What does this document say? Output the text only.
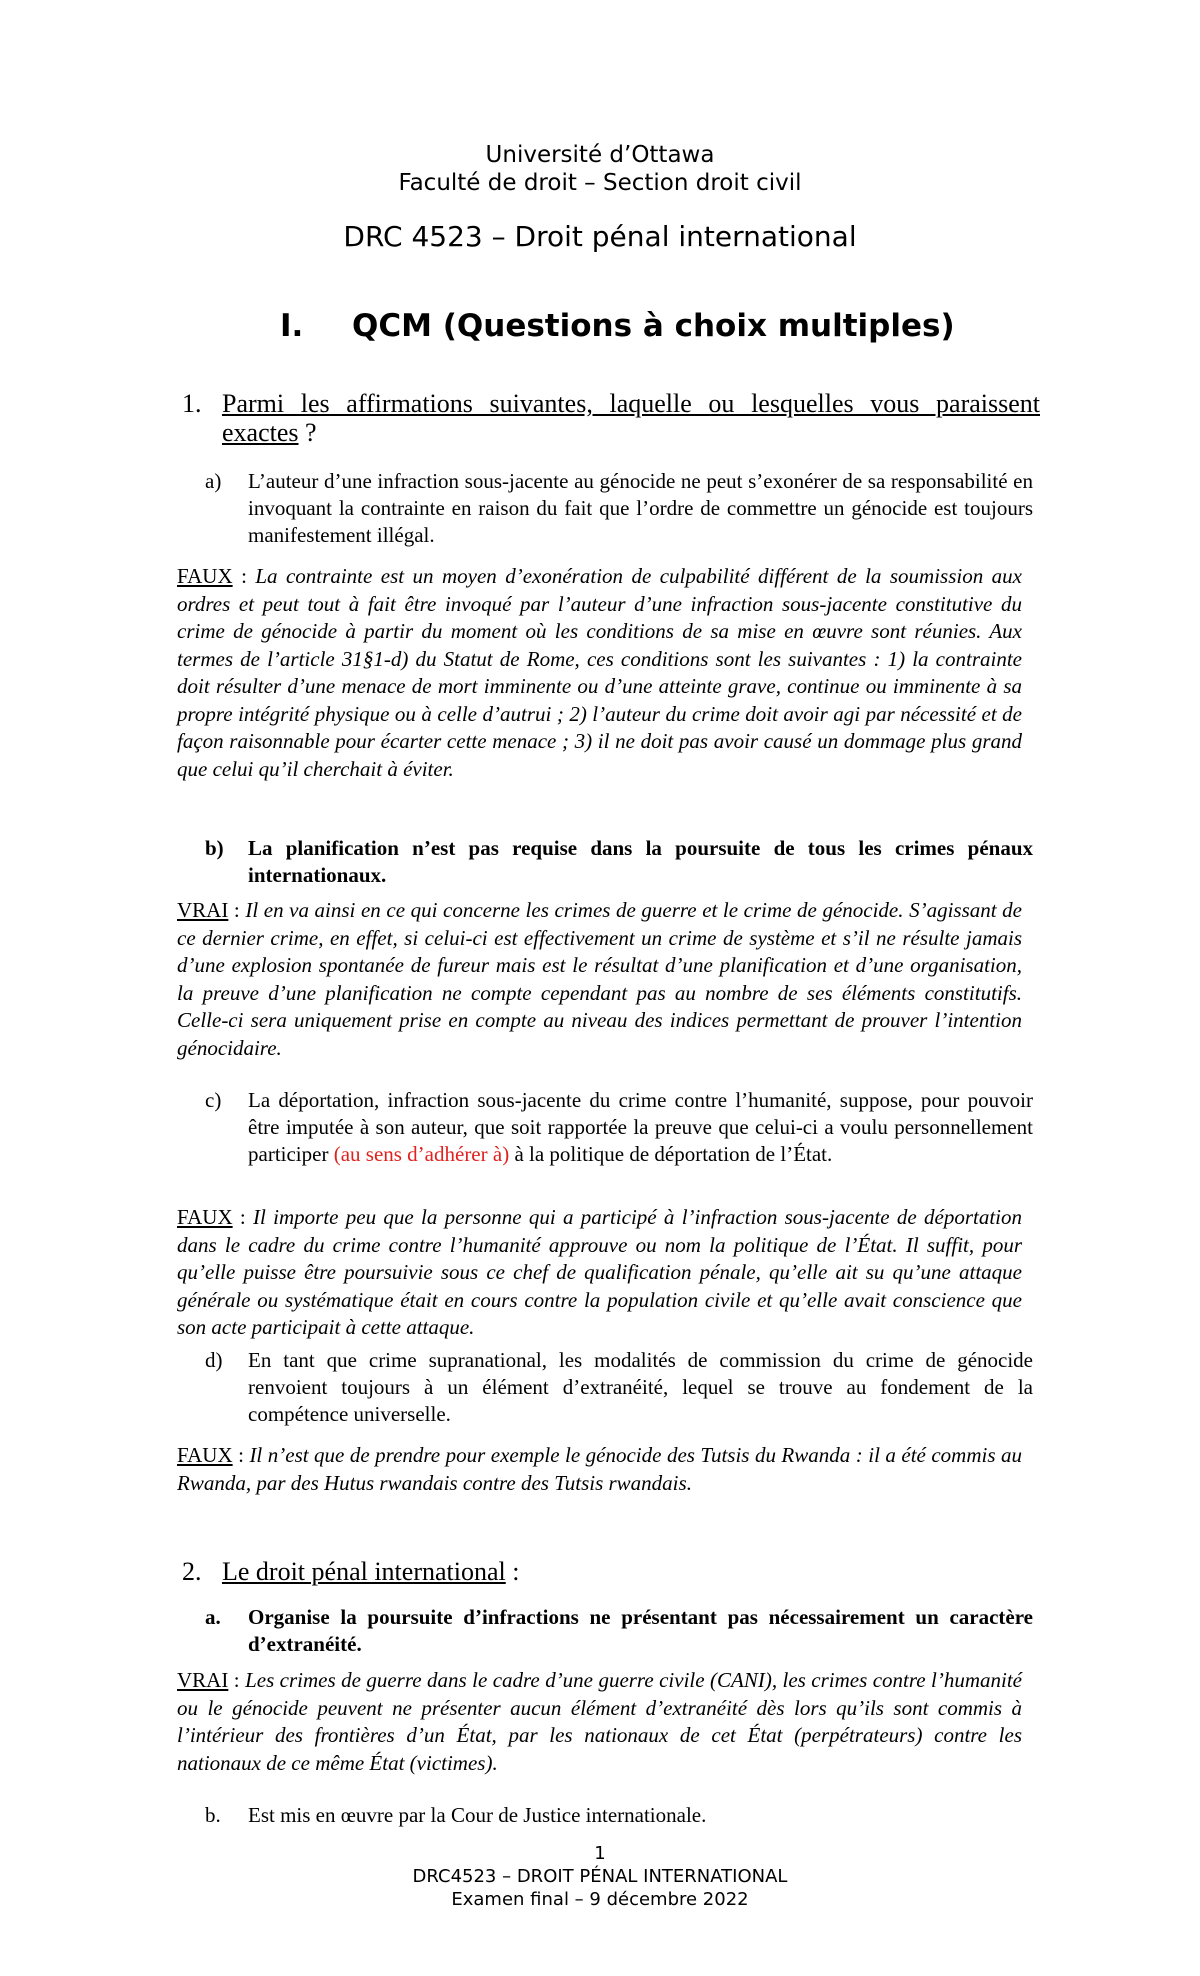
Université d’Ottawa
Faculté de droit – Section droit civil
DRC 4523 – Droit pénal international
I. QCM (Questions à choix multiples)
1. Parmi les affirmations suivantes, laquelle ou lesquelles vous paraissent exactes ?
a) L’auteur d’une infraction sous-jacente au génocide ne peut s’exonérer de sa responsabilité en invoquant la contrainte en raison du fait que l’ordre de commettre un génocide est toujours manifestement illégal.
FAUX : La contrainte est un moyen d’exonération de culpabilité différent de la soumission aux ordres et peut tout à fait être invoqué par l’auteur d’une infraction sous-jacente constitutive du crime de génocide à partir du moment où les conditions de sa mise en œuvre sont réunies. Aux termes de l’article 31§1-d) du Statut de Rome, ces conditions sont les suivantes : 1) la contrainte doit résulter d’une menace de mort imminente ou d’une atteinte grave, continue ou imminente à sa propre intégrité physique ou à celle d’autrui ; 2) l’auteur du crime doit avoir agi par nécessité et de façon raisonnable pour écarter cette menace ; 3) il ne doit pas avoir causé un dommage plus grand que celui qu’il cherchait à éviter.
b) La planification n’est pas requise dans la poursuite de tous les crimes pénaux internationaux.
VRAI : Il en va ainsi en ce qui concerne les crimes de guerre et le crime de génocide. S’agissant de ce dernier crime, en effet, si celui-ci est effectivement un crime de système et s’il ne résulte jamais d’une explosion spontanée de fureur mais est le résultat d’une planification et d’une organisation, la preuve d’une planification ne compte cependant pas au nombre de ses éléments constitutifs. Celle-ci sera uniquement prise en compte au niveau des indices permettant de prouver l’intention génocidaire.
c) La déportation, infraction sous-jacente du crime contre l’humanité, suppose, pour pouvoir être imputée à son auteur, que soit rapportée la preuve que celui-ci a voulu personnellement participer (au sens d’adhérer à) à la politique de déportation de l’État.
FAUX : Il importe peu que la personne qui a participé à l’infraction sous-jacente de déportation dans le cadre du crime contre l’humanité approuve ou nom la politique de l’État. Il suffit, pour qu’elle puisse être poursuivie sous ce chef de qualification pénale, qu’elle ait su qu’une attaque générale ou systématique était en cours contre la population civile et qu’elle avait conscience que son acte participait à cette attaque.
d) En tant que crime supranational, les modalités de commission du crime de génocide renvoient toujours à un élément d’extranéité, lequel se trouve au fondement de la compétence universelle.
FAUX : Il n’est que de prendre pour exemple le génocide des Tutsis du Rwanda : il a été commis au Rwanda, par des Hutus rwandais contre des Tutsis rwandais.
2. Le droit pénal international :
a. Organise la poursuite d’infractions ne présentant pas nécessairement un caractère d’extranéité.
VRAI : Les crimes de guerre dans le cadre d’une guerre civile (CANI), les crimes contre l’humanité ou le génocide peuvent ne présenter aucun élément d’extranéité dès lors qu’ils sont commis à l’intérieur des frontières d’un État, par les nationaux de cet État (perpétrateurs) contre les nationaux de ce même État (victimes).
b. Est mis en œuvre par la Cour de Justice internationale.
1
DRC4523 – DROIT PÉNAL INTERNATIONAL
Examen final – 9 décembre 2022
